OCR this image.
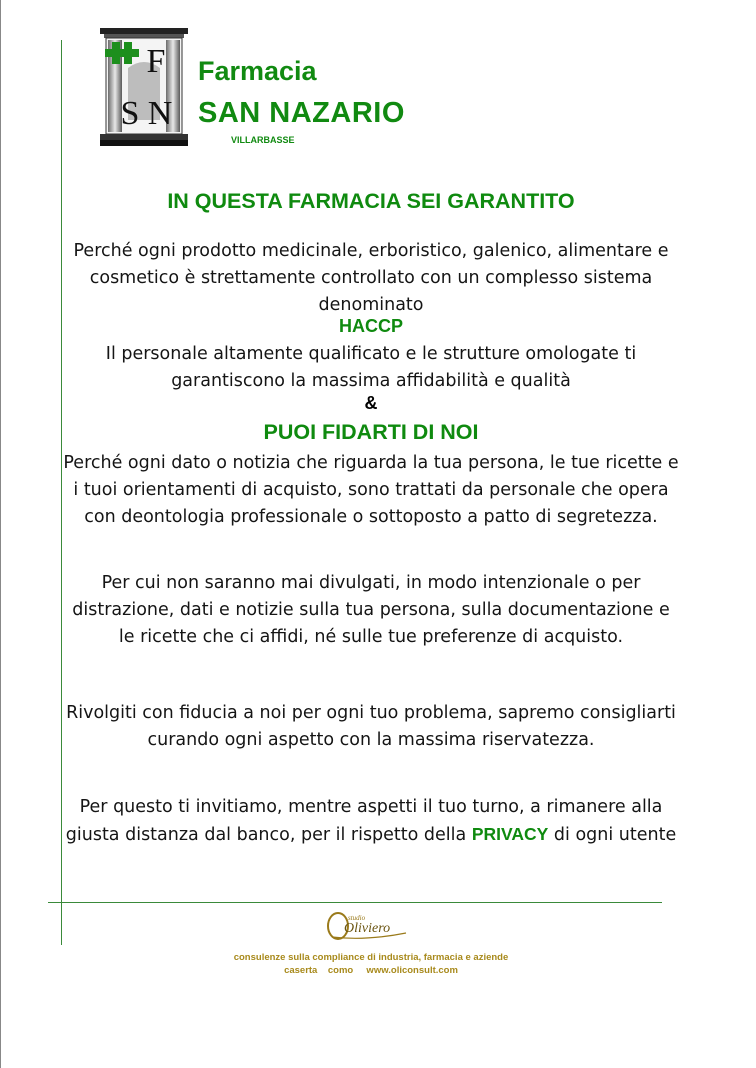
F
S N
Farmacia
SAN NAZARIO
VILLARBASSE
IN QUESTA FARMACIA SEI GARANTITO
Perché ogni prodotto medicinale, erboristico, galenico, alimentare e cosmetico è strettamente controllato con un complesso sistema denominato
HACCP
Il personale altamente qualificato e le strutture omologate ti garantiscono la massima affidabilità e qualità
&
PUOI FIDARTI DI NOI
Perché ogni dato o notizia che riguarda la tua persona, le tue ricette e i tuoi orientamenti di acquisto, sono trattati da personale che opera con deontologia professionale o sottoposto a patto di segretezza.
Per cui non saranno mai divulgati, in modo intenzionale o per distrazione, dati e notizie sulla tua persona, sulla documentazione e le ricette che ci affidi, né sulle tue preferenze di acquisto.
Rivolgiti con fiducia a noi per ogni tuo problema, sapremo consigliarti curando ogni aspetto con la massima riservatezza.
Per questo ti invitiamo, mentre aspetti il tuo turno, a rimanere alla giusta distanza dal banco, per il rispetto della PRIVACY di ogni utente
studio
Oliviero
consulenze sulla compliance di industria, farmacia e aziende
caserta    como     www.oliconsult.com
